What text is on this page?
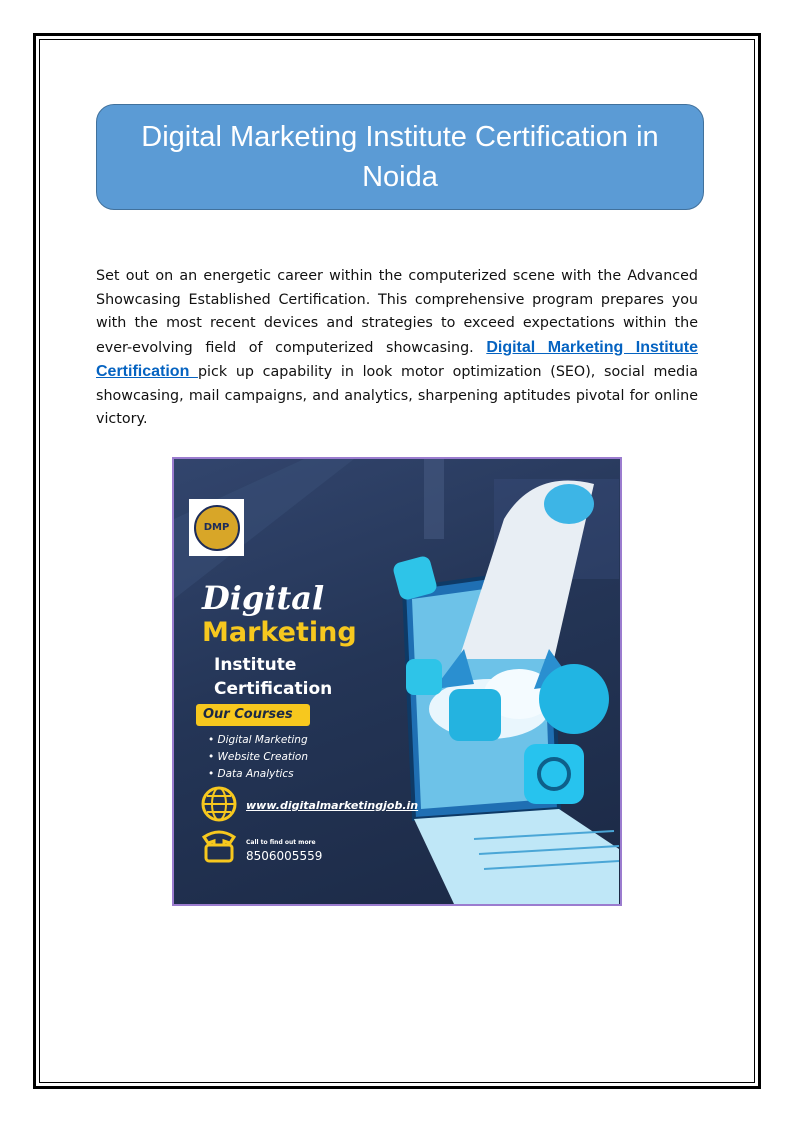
Digital Marketing Institute Certification in Noida

Set out on an energetic career within the computerized scene with the Advanced Showcasing Established Certification. This comprehensive program prepares you with the most recent devices and strategies to exceed expectations within the ever-evolving field of computerized showcasing. Digital Marketing Institute Certification pick up capability in look motor optimization (SEO), social media showcasing, mail campaigns, and analytics, sharpening aptitudes pivotal for online victory.

DMP
Digital
Marketing
Institute
Certification
Our Courses
• Digital Marketing
• Website Creation
• Data Analytics
www.digitalmarketingjob.in
Call to find out more
8506005559
